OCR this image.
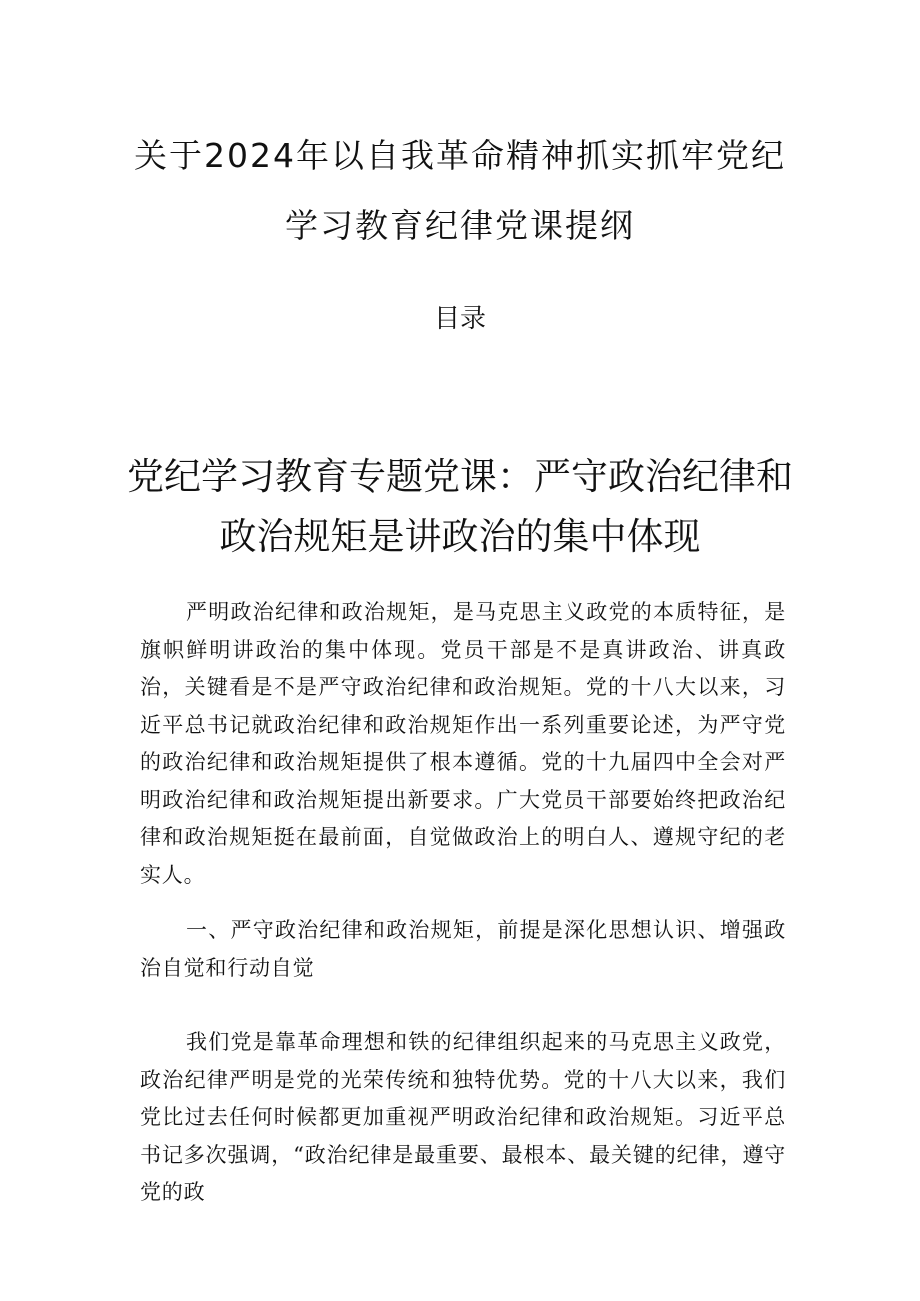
关于2024年以自我革命精神抓实抓牢党纪
学习教育纪律党课提纲
目录
党纪学习教育专题党课：严守政治纪律和
政治规矩是讲政治的集中体现

严明政治纪律和政治规矩，是马克思主义政党的本质特征，是旗帜鲜明讲政治的集中体现。党员干部是不是真讲政治、讲真政治，关键看是不是严守政治纪律和政治规矩。党的十八大以来，习近平总书记就政治纪律和政治规矩作出一系列重要论述，为严守党的政治纪律和政治规矩提供了根本遵循。党的十九届四中全会对严明政治纪律和政治规矩提出新要求。广大党员干部要始终把政治纪律和政治规矩挺在最前面，自觉做政治上的明白人、遵规守纪的老实人。

一、严守政治纪律和政治规矩，前提是深化思想认识、增强政治自觉和行动自觉

我们党是靠革命理想和铁的纪律组织起来的马克思主义政党，政治纪律严明是党的光荣传统和独特优势。党的十八大以来，我们党比过去任何时候都更加重视严明政治纪律和政治规矩。习近平总书记多次强调，“政治纪律是最重要、最根本、最关键的纪律，遵守党的政
